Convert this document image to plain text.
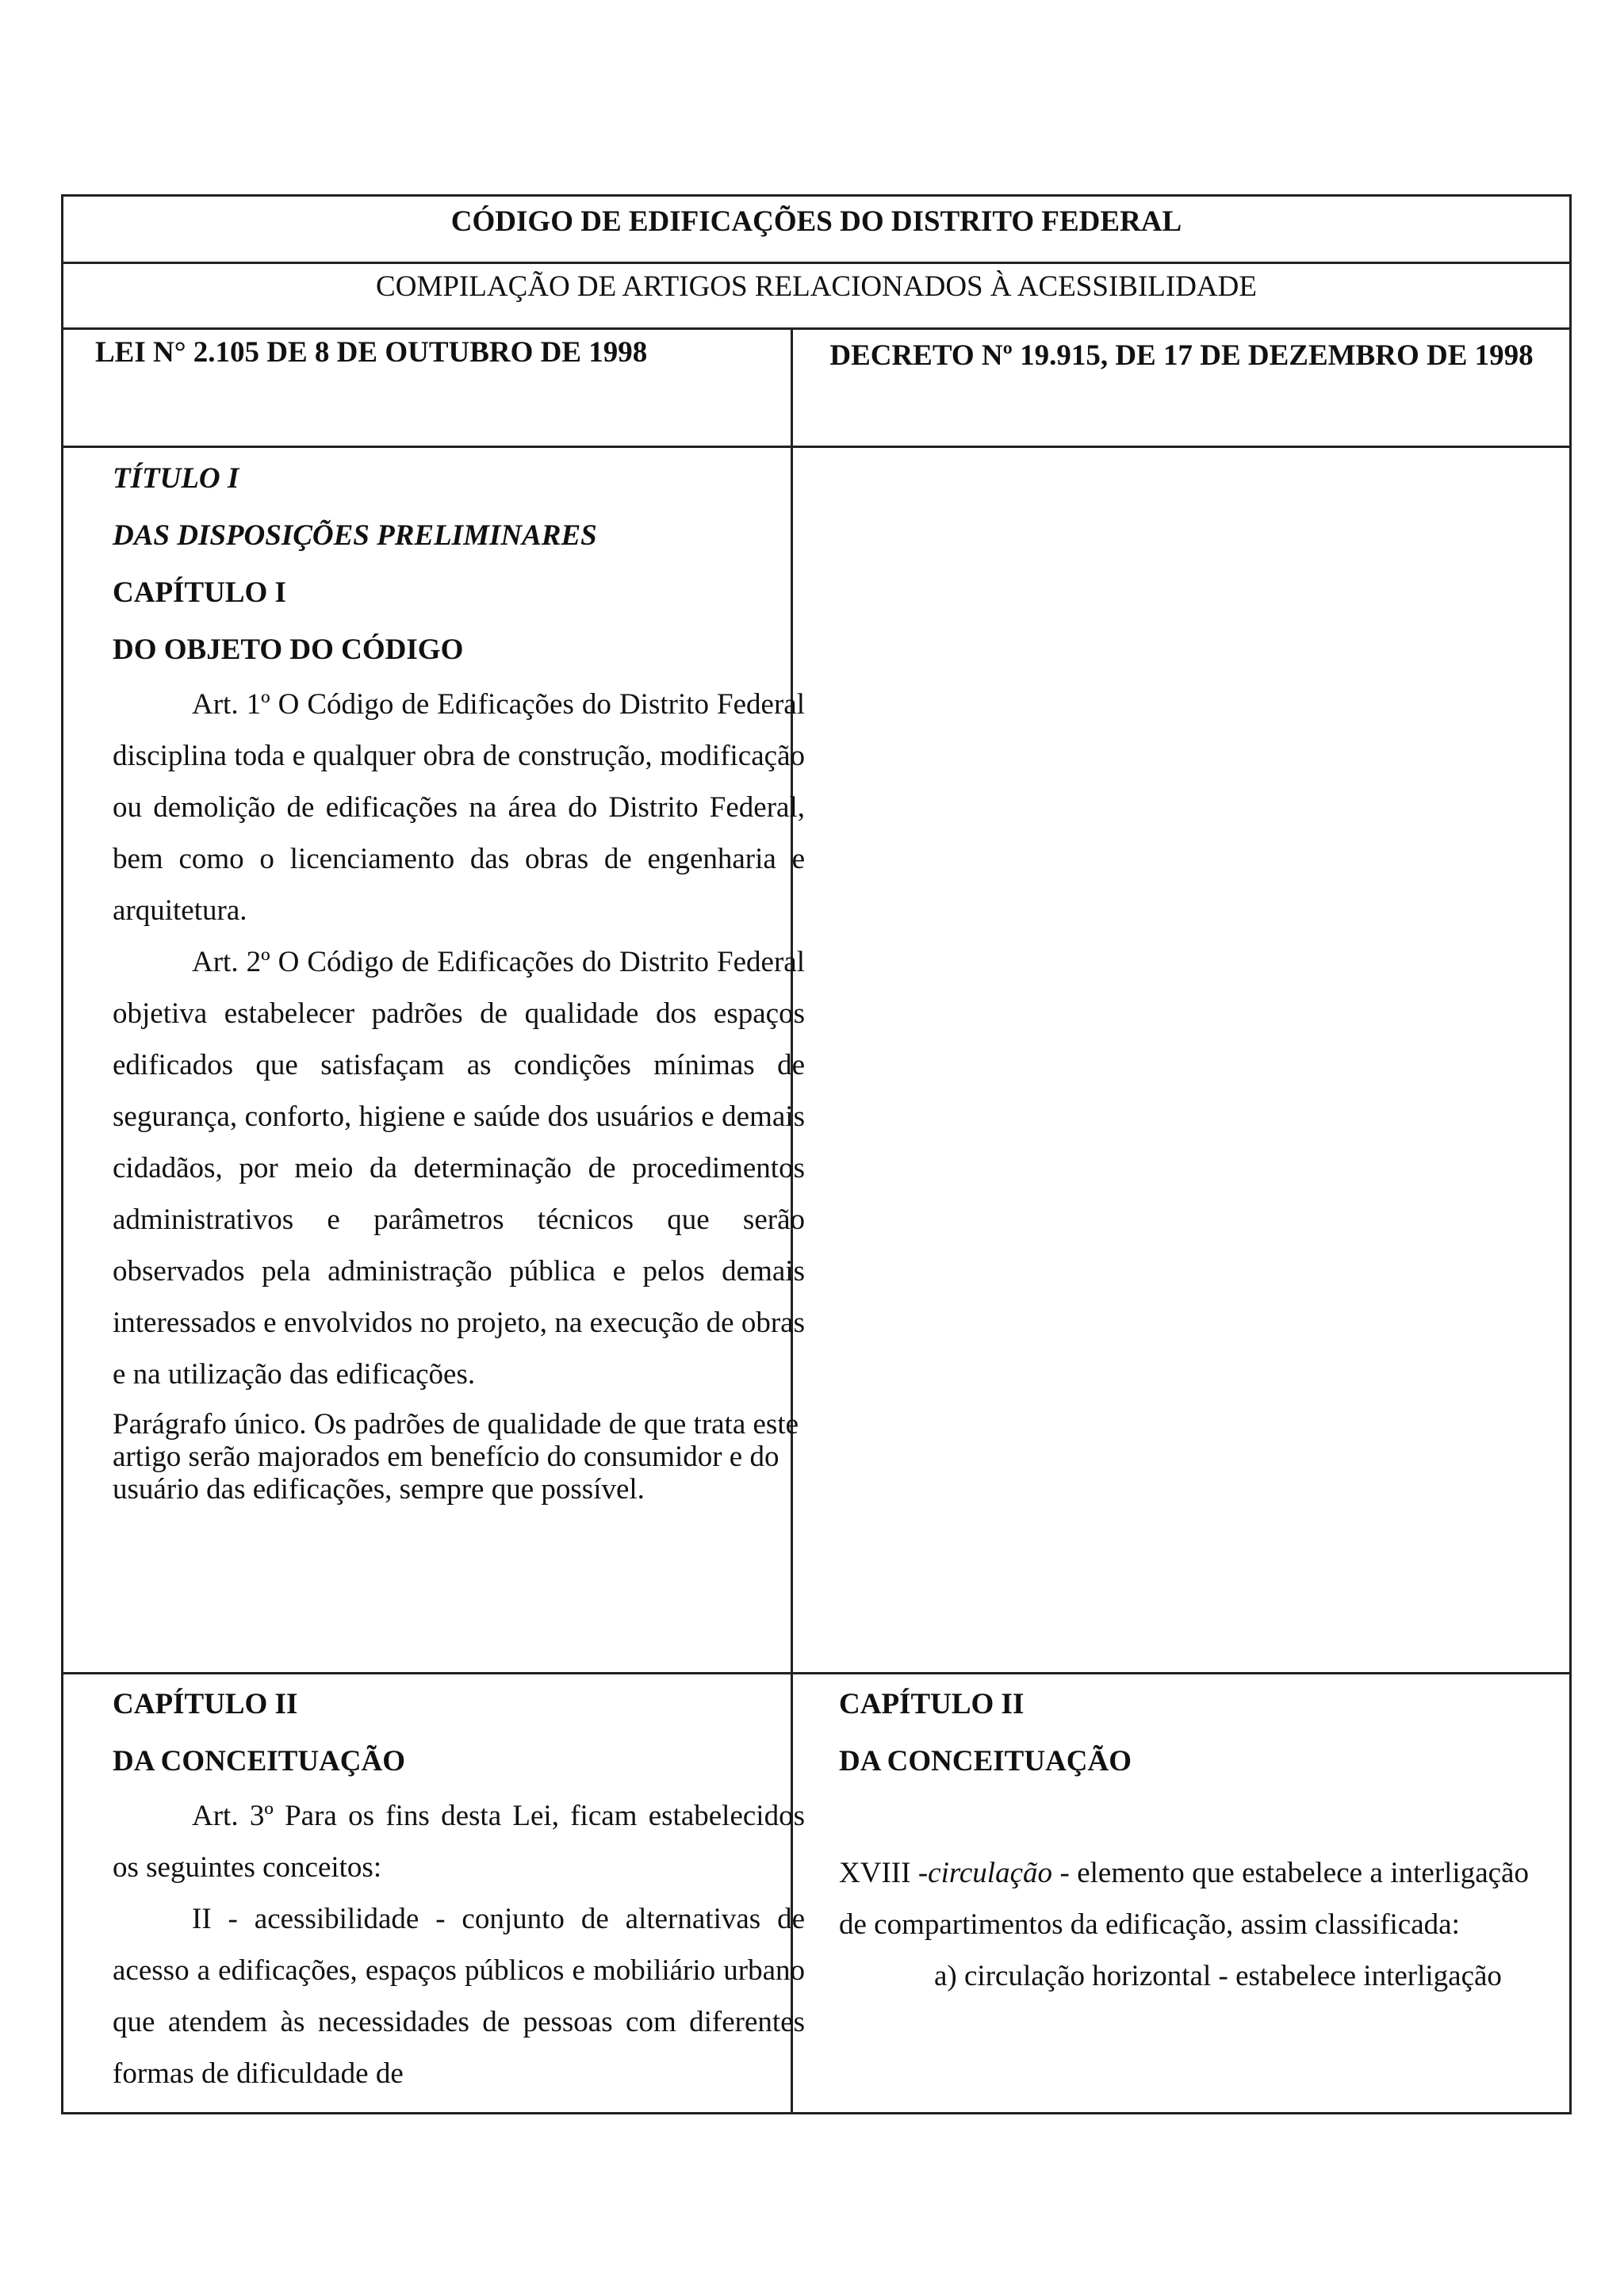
CÓDIGO DE EDIFICAÇÕES DO DISTRITO FEDERAL
COMPILAÇÃO DE ARTIGOS RELACIONADOS À ACESSIBILIDADE
LEI N° 2.105 DE 8 DE OUTUBRO DE 1998	DECRETO Nº 19.915, DE 17 DE DEZEMBRO DE 1998

TÍTULO I

DAS DISPOSIÇÕES PRELIMINARES

CAPÍTULO I

DO OBJETO DO CÓDIGO

Art. 1º O Código de Edificações do Distrito Federal disciplina toda e qualquer obra de construção, modificação ou demolição de edificações na área do Distrito Federal, bem como o licenciamento das obras de engenharia e arquitetura.

Art. 2º O Código de Edificações do Distrito Federal objetiva estabelecer padrões de qualidade dos espaços edificados que satisfaçam as condições mínimas de segurança, conforto, higiene e saúde dos usuários e demais cidadãos, por meio da determinação de procedimentos administrativos e parâmetros técnicos que serão observados pela administração pública e pelos demais interessados e envolvidos no projeto, na execução de obras e na utilização das edificações.

Parágrafo único. Os padrões de qualidade de que trata este artigo serão majorados em benefício do consumidor e do usuário das edificações, sempre que possível.

CAPÍTULO II

DA CONCEITUAÇÃO

Art. 3º Para os fins desta Lei, ficam estabelecidos os seguintes conceitos:

II - acessibilidade - conjunto de alternativas de acesso a edificações, espaços públicos e mobiliário urbano que atendem às necessidades de pessoas com diferentes formas de dificuldade de

CAPÍTULO II

DA CONCEITUAÇÃO

XVIII -circulação - elemento que estabelece a interligação de compartimentos da edificação, assim classificada:

a) circulação horizontal - estabelece interligação
